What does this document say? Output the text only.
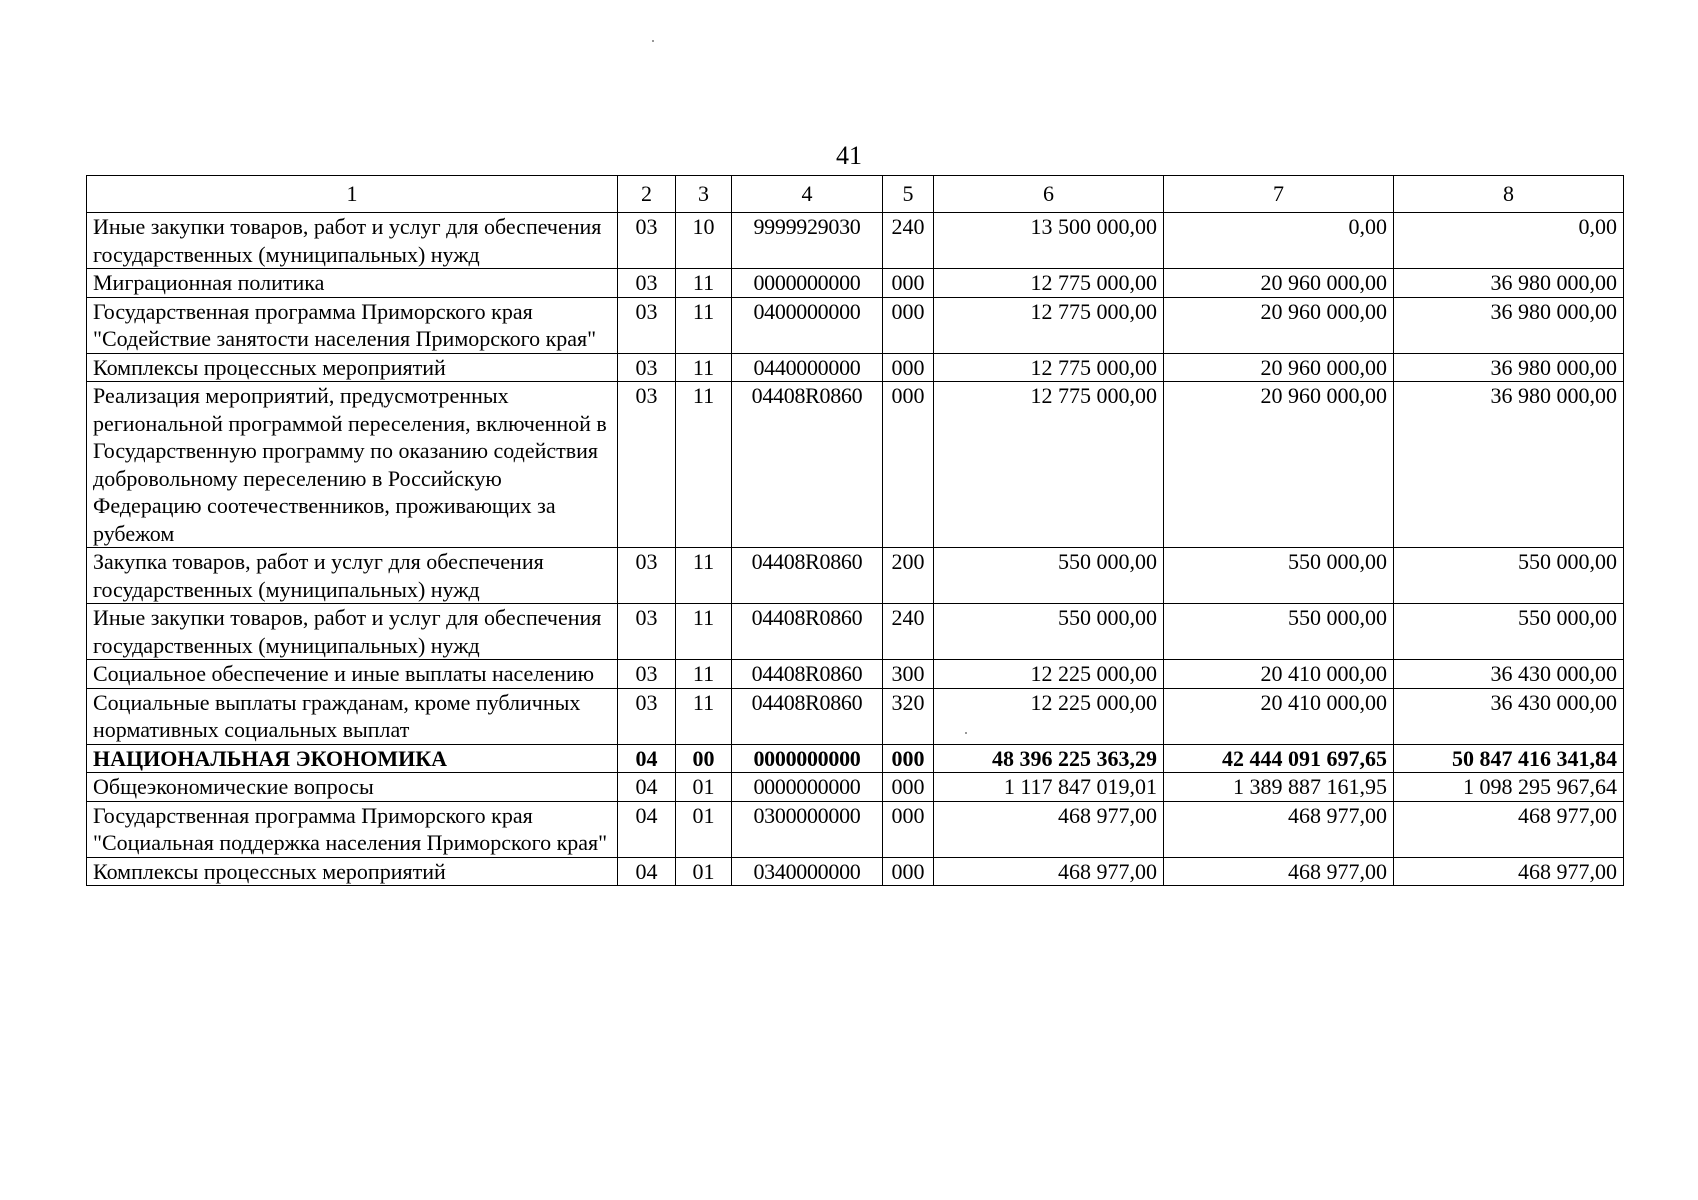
41
1	2	3	4	5	6	7	8
Иные закупки товаров, работ и услуг для обеспечения государственных (муниципальных) нужд	03	10	9999929030	240	13 500 000,00	0,00	0,00
Миграционная политика	03	11	0000000000	000	12 775 000,00	20 960 000,00	36 980 000,00
Государственная программа Приморского края "Содействие занятости населения Приморского края"	03	11	0400000000	000	12 775 000,00	20 960 000,00	36 980 000,00
Комплексы процессных мероприятий	03	11	0440000000	000	12 775 000,00	20 960 000,00	36 980 000,00
Реализация мероприятий, предусмотренных региональной программой переселения, включенной в Государственную программу по оказанию содействия добровольному переселению в Российскую Федерацию соотечественников, проживающих за рубежом	03	11	04408R0860	000	12 775 000,00	20 960 000,00	36 980 000,00
Закупка товаров, работ и услуг для обеспечения государственных (муниципальных) нужд	03	11	04408R0860	200	550 000,00	550 000,00	550 000,00
Иные закупки товаров, работ и услуг для обеспечения государственных (муниципальных) нужд	03	11	04408R0860	240	550 000,00	550 000,00	550 000,00
Социальное обеспечение и иные выплаты населению	03	11	04408R0860	300	12 225 000,00	20 410 000,00	36 430 000,00
Социальные выплаты гражданам, кроме публичных нормативных социальных выплат	03	11	04408R0860	320	12 225 000,00	20 410 000,00	36 430 000,00
НАЦИОНАЛЬНАЯ ЭКОНОМИКА	04	00	0000000000	000	48 396 225 363,29	42 444 091 697,65	50 847 416 341,84
Общеэкономические вопросы	04	01	0000000000	000	1 117 847 019,01	1 389 887 161,95	1 098 295 967,64
Государственная программа Приморского края "Социальная поддержка населения Приморского края"	04	01	0300000000	000	468 977,00	468 977,00	468 977,00
Комплексы процессных мероприятий	04	01	0340000000	000	468 977,00	468 977,00	468 977,00
